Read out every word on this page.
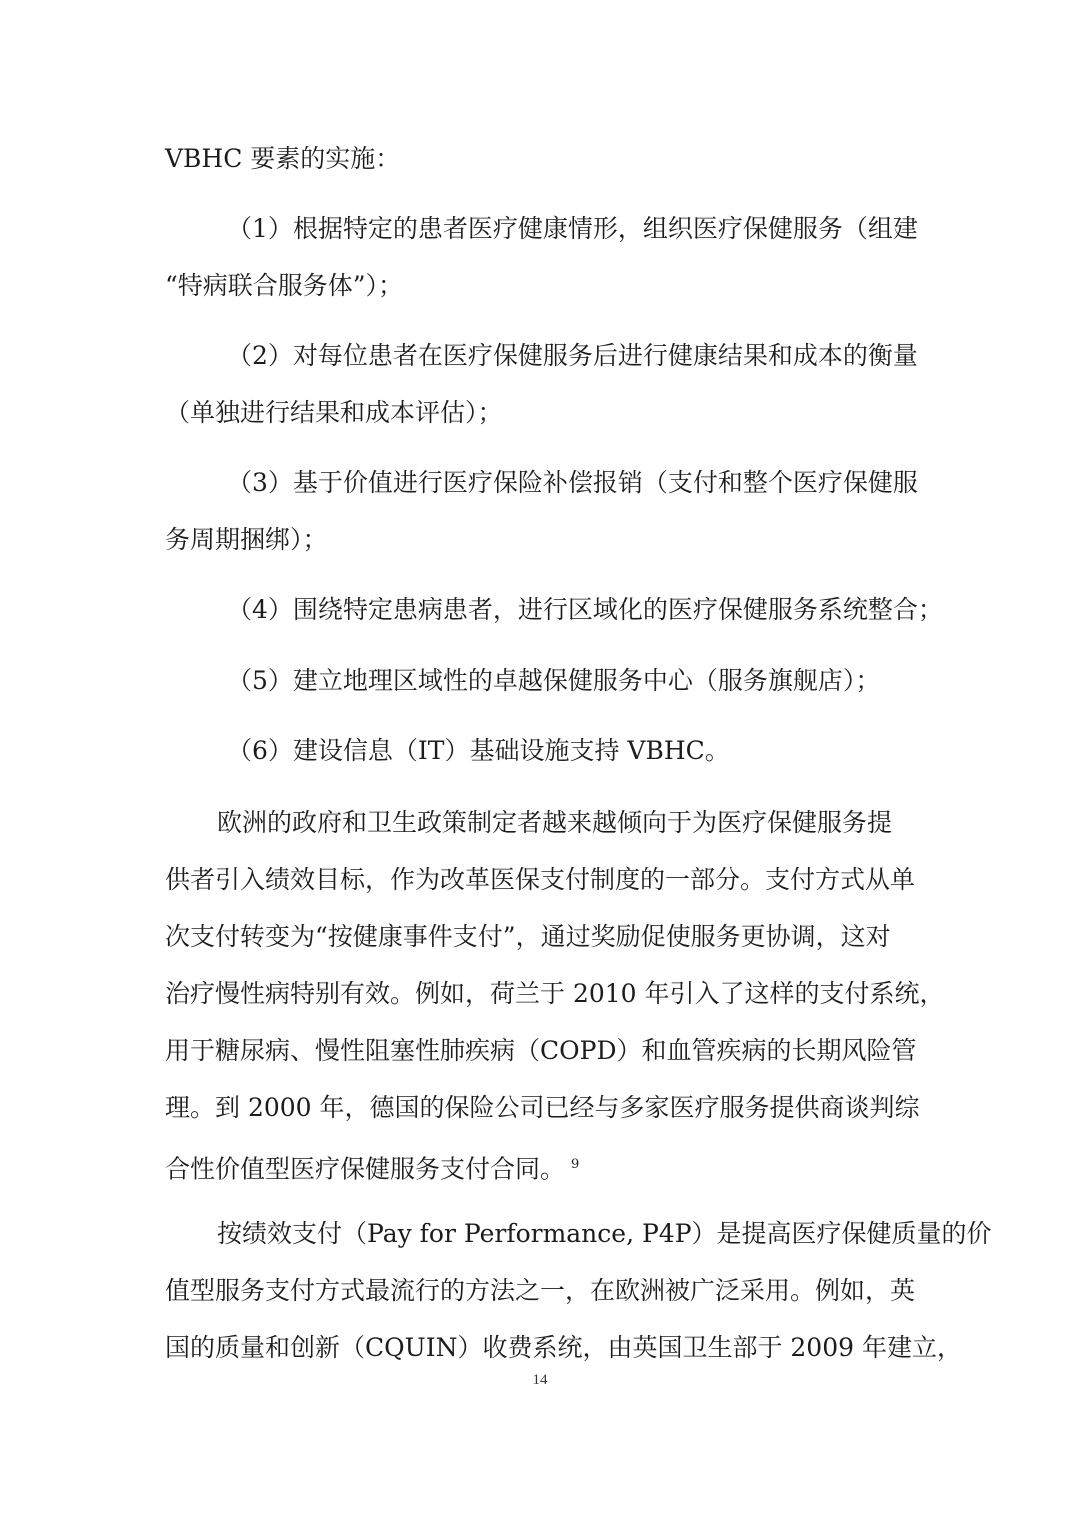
VBHC 要素的实施：
（1）根据特定的患者医疗健康情形，组织医疗保健服务（组建
“特病联合服务体”）；
（2）对每位患者在医疗保健服务后进行健康结果和成本的衡量
（单独进行结果和成本评估）；
（3）基于价值进行医疗保险补偿报销（支付和整个医疗保健服
务周期捆绑）；
（4）围绕特定患病患者，进行区域化的医疗保健服务系统整合；
（5）建立地理区域性的卓越保健服务中心（服务旗舰店）；
（6）建设信息（IT）基础设施支持 VBHC。
欧洲的政府和卫生政策制定者越来越倾向于为医疗保健服务提
供者引入绩效目标，作为改革医保支付制度的一部分。支付方式从单
次支付转变为“按健康事件支付”，通过奖励促使服务更协调，这对
治疗慢性病特别有效。例如，荷兰于 2010 年引入了这样的支付系统，
用于糖尿病、慢性阻塞性肺疾病（COPD）和血管疾病的长期风险管
理。到 2000 年，德国的保险公司已经与多家医疗服务提供商谈判综
合性价值型医疗保健服务支付合同。 $^9$
按绩效支付（Pay for Performance, P4P）是提高医疗保健质量的价
值型服务支付方式最流行的方法之一，在欧洲被广泛采用。例如，英
国的质量和创新（CQUIN）收费系统，由英国卫生部于 2009 年建立，
14
